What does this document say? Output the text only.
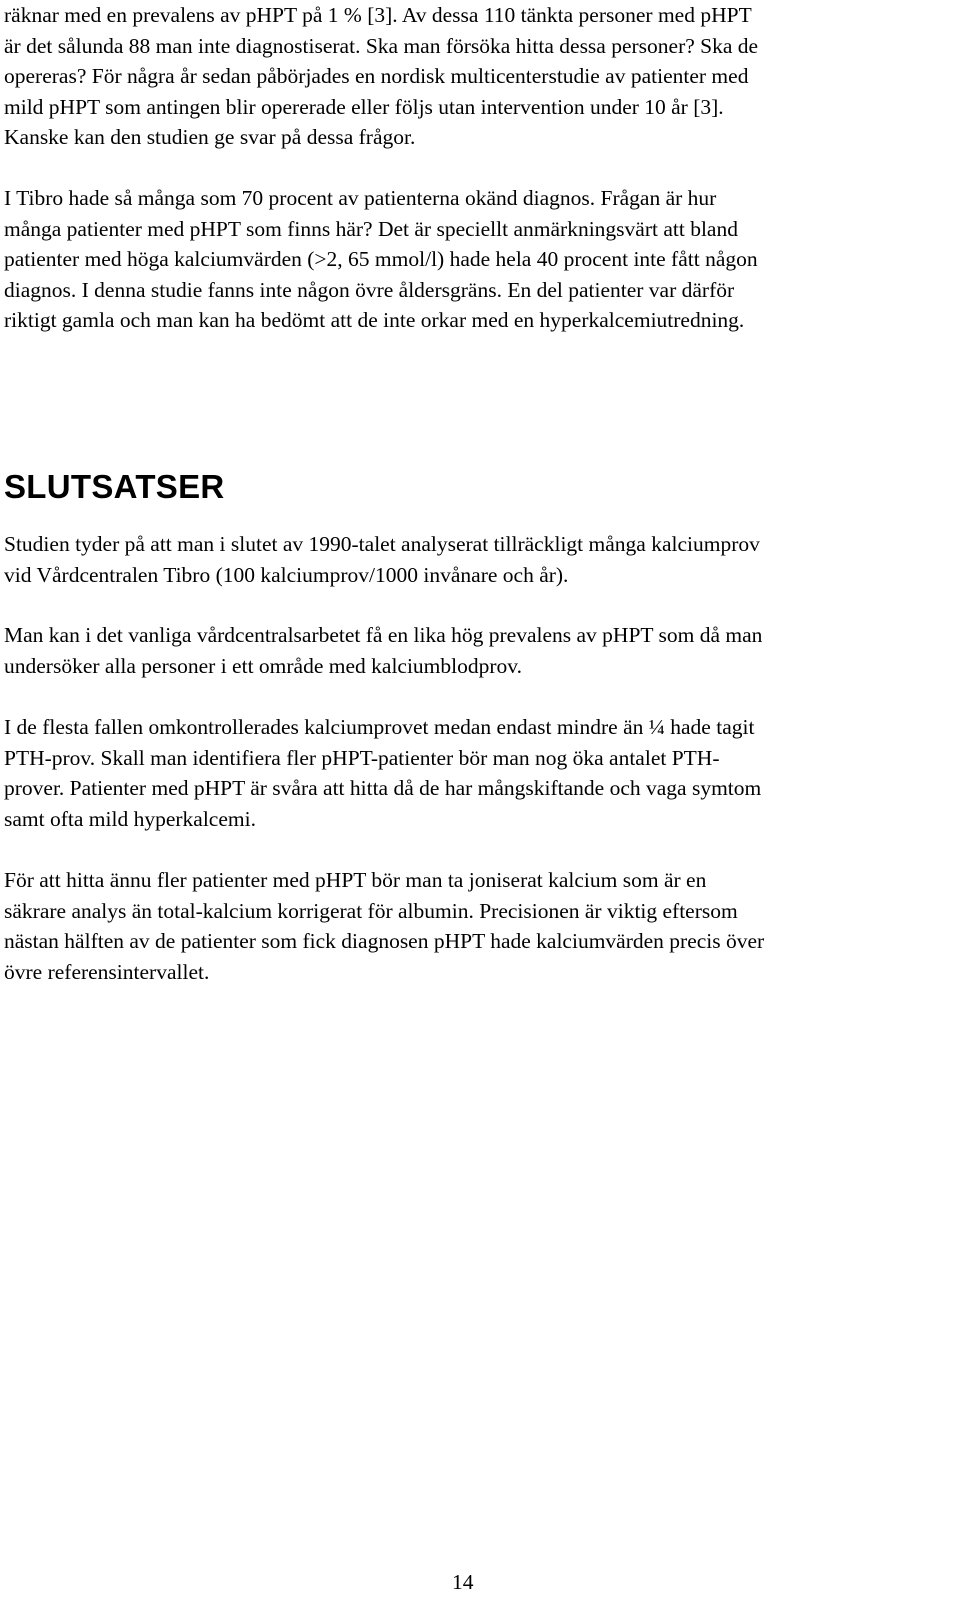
räknar med en prevalens av pHPT på 1 % [3]. Av dessa 110 tänkta personer med pHPT
är det sålunda 88 man inte diagnostiserat. Ska man försöka hitta dessa personer? Ska de
opereras? För några år sedan påbörjades en nordisk multicenterstudie av patienter med
mild pHPT som antingen blir opererade eller följs utan intervention under 10 år [3].
Kanske kan den studien ge svar på dessa frågor.

I Tibro hade så många som 70 procent av patienterna okänd diagnos. Frågan är hur
många patienter med pHPT som finns här? Det är speciellt anmärkningsvärt att bland
patienter med höga kalciumvärden (>2, 65 mmol/l) hade hela 40 procent inte fått någon
diagnos. I denna studie fanns inte någon övre åldersgräns. En del patienter var därför
riktigt gamla och man kan ha bedömt att de inte orkar med en hyperkalcemiutredning.

SLUTSATSER

Studien tyder på att man i slutet av 1990-talet analyserat tillräckligt många kalciumprov
vid Vårdcentralen Tibro (100 kalciumprov/1000 invånare och år).

Man kan i det vanliga vårdcentralsarbetet få en lika hög prevalens av pHPT som då man
undersöker alla personer i ett område med kalciumblodprov.

I de flesta fallen omkontrollerades kalciumprovet medan endast mindre än ¼ hade tagit
PTH-prov. Skall man identifiera fler pHPT-patienter bör man nog öka antalet PTH-
prover. Patienter med pHPT är svåra att hitta då de har mångskiftande och vaga symtom
samt ofta mild hyperkalcemi.

För att hitta ännu fler patienter med pHPT bör man ta joniserat kalcium som är en
säkrare analys än total-kalcium korrigerat för albumin. Precisionen är viktig eftersom
nästan hälften av de patienter som fick diagnosen pHPT hade kalciumvärden precis över
övre referensintervallet.

14
